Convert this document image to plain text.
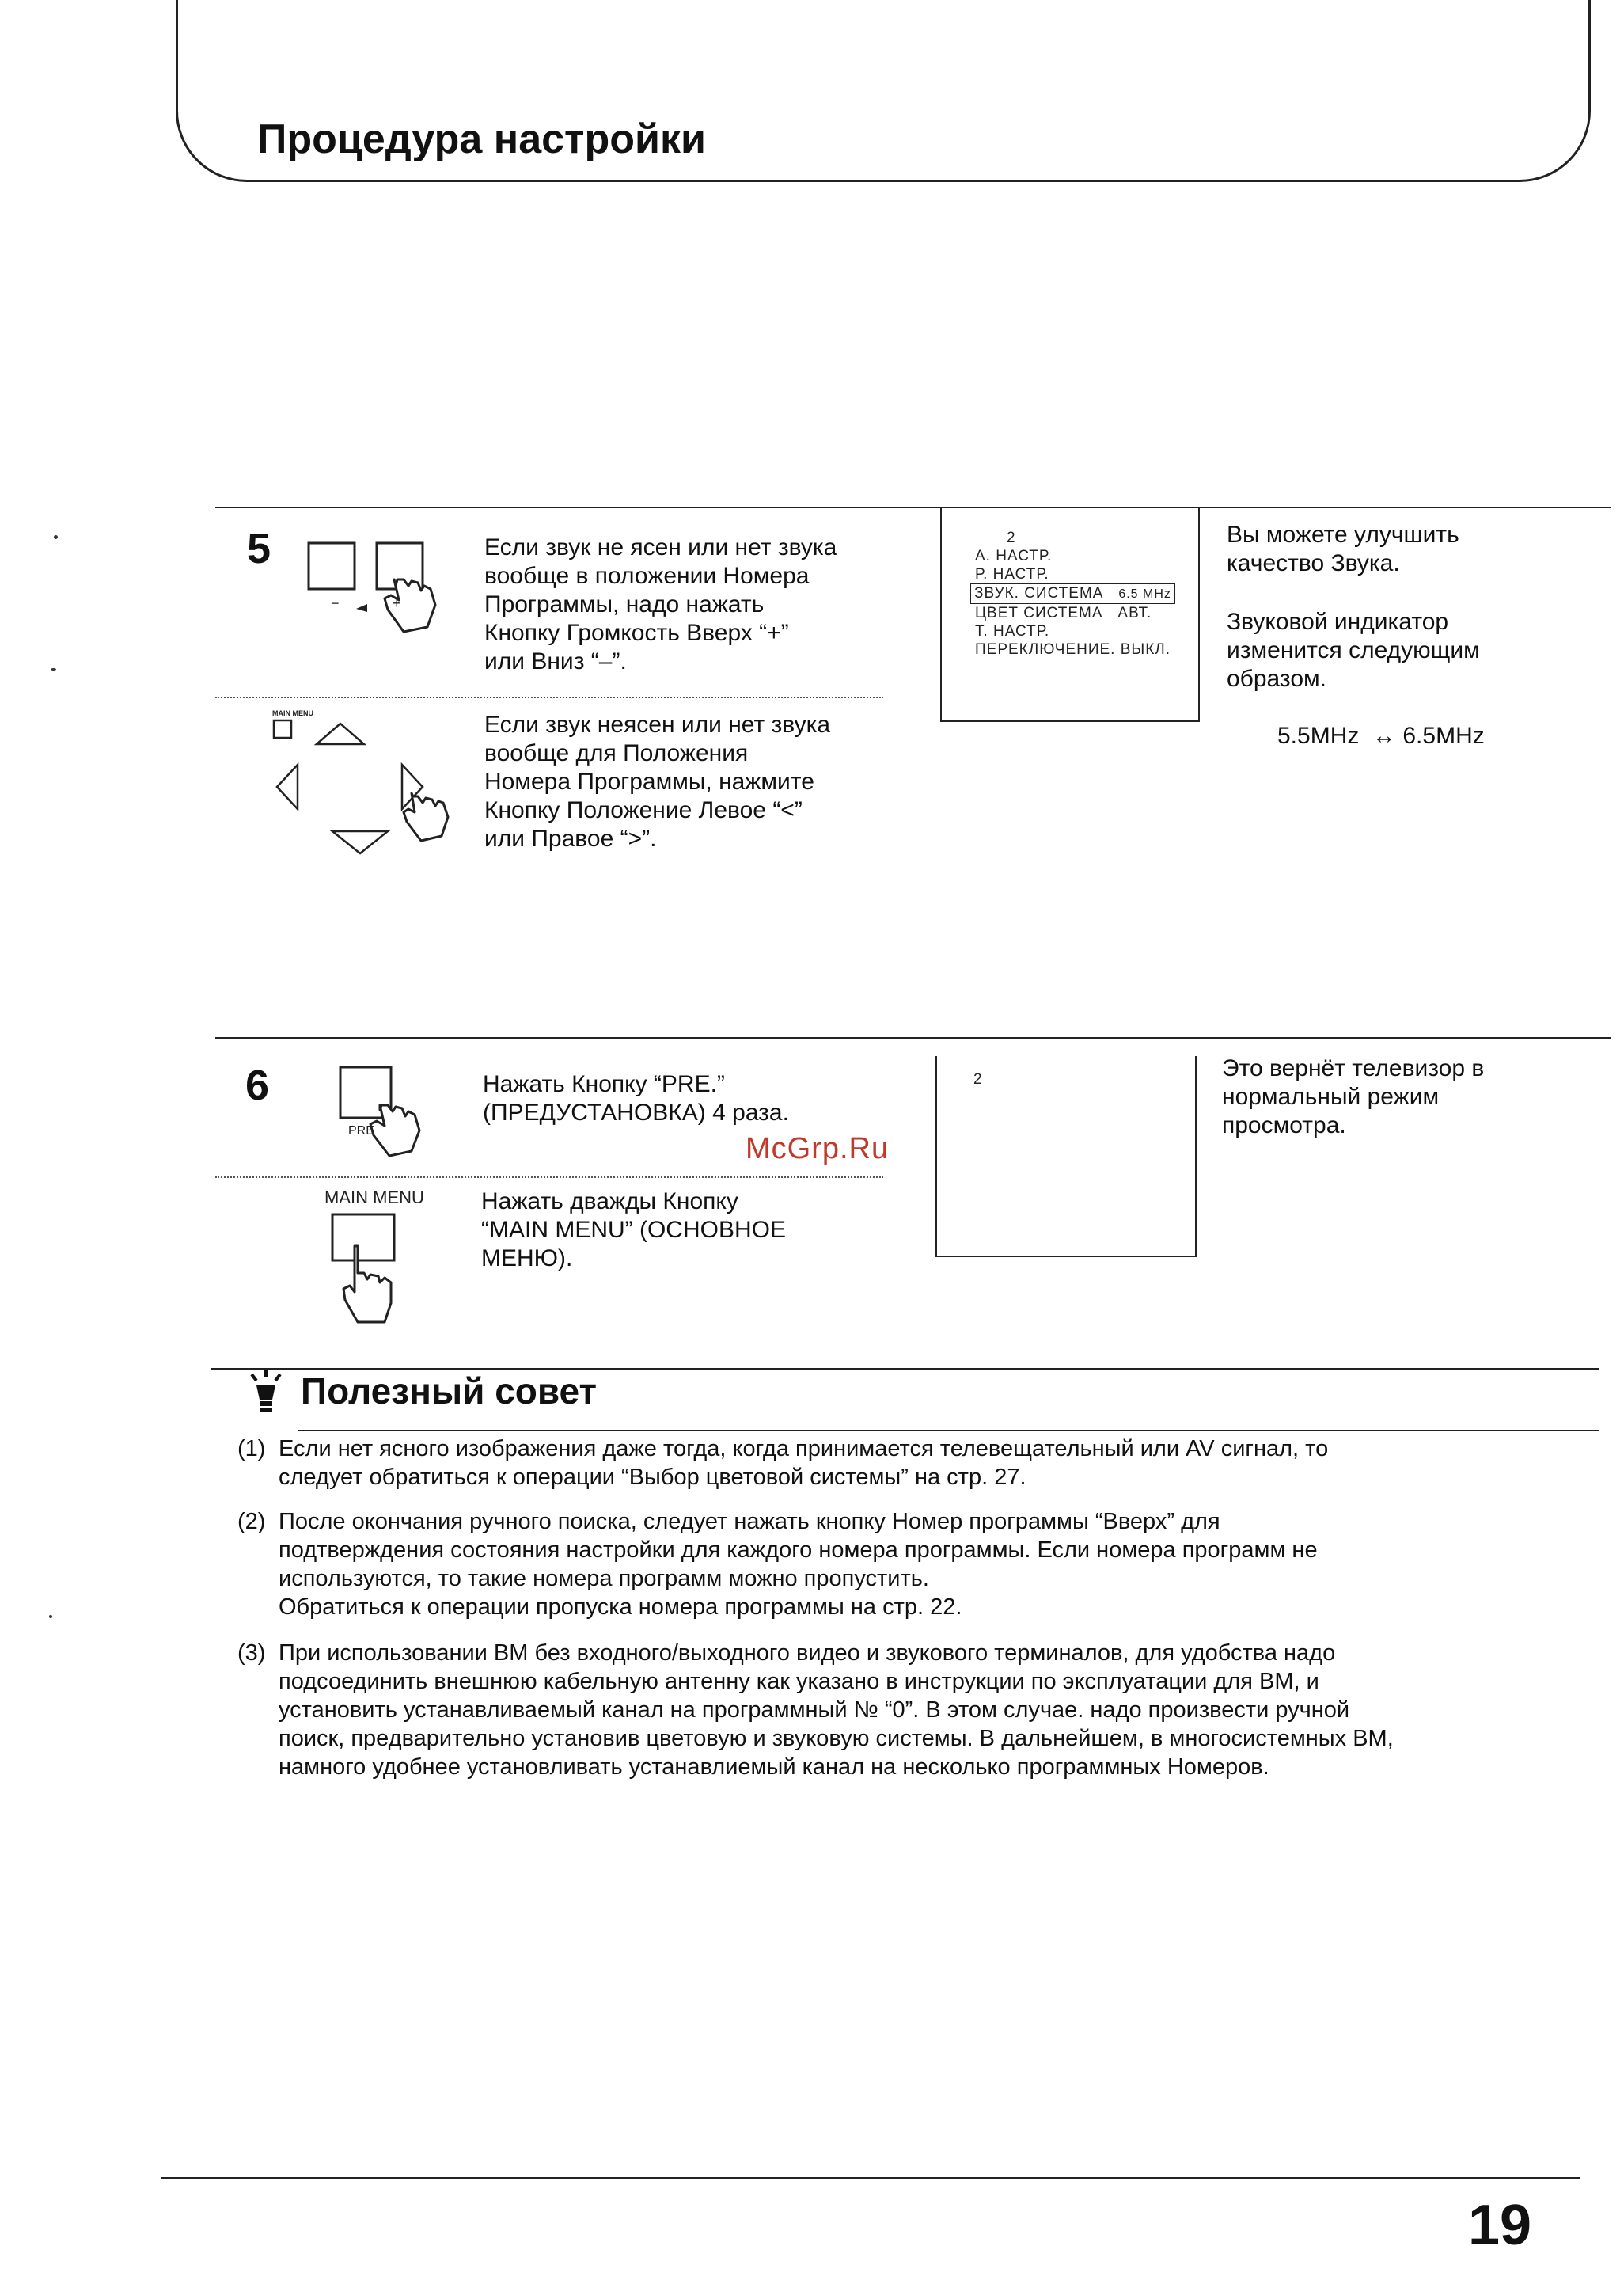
Процедура настройки
5
−	+
Если звук не ясен или нет звука
вообще в положении Номера
Программы, надо нажать
Кнопку Громкость Вверх “+”
или Вниз “–”.
MAIN MENU	Если звук неясен или нет звука
вообще для Положения
Номера Программы, нажмите
Кнопку Положение Левое “<”
или Правое “>”.
2
А. НАСТР.
Р. НАСТР.
ЗВУК. СИСТЕМА 6.5 MHz
ЦВЕТ СИСТЕМА АВТ.
Т. НАСТР.
ПЕРЕКЛЮЧЕНИЕ. ВЫКЛ.
Вы можете улучшить
качество Звука.
Звуковой индикатор
изменится следующим
образом.
5.5MHz ↔ 6.5MHz
6
PRE
Нажать Кнопку “PRE.”
(ПРЕДУСТАНОВКА) 4 раза.
McGrp.Ru
MAIN MENU Нажать дважды Кнопку
“MAIN MENU” (ОСНОВНОЕ
МЕНЮ).
2	Это вернёт телевизор в
нормальный режим
просмотра.
Полезный совет
(1) Если нет ясного изображения даже тогда, когда принимается телевещательный или AV сигнал, то
следует обратиться к операции “Выбор цветовой системы” на стр. 27.
(2) После окончания ручного поиска, следует нажать кнопку Номер программы “Вверх” для
подтверждения состояния настройки для каждого номера программы. Если номера программ не
используются, то такие номера программ можно пропустить.
Обратиться к операции пропуска номера программы на стр. 22.
(3) При использовании ВМ без входного/выходного видео и звукового терминалов, для удобства надо
подсоединить внешнюю кабельную антенну как указано в инструкции по эксплуатации для ВМ, и
установить устанавливаемый канал на программный № “0”. В этом случае. надо произвести ручной
поиск, предварительно установив цветовую и звуковую системы. В дальнейшем, в многосистемных ВМ,
намного удобнее установливать устанавлиемый канал на несколько программных Номеров.
19
